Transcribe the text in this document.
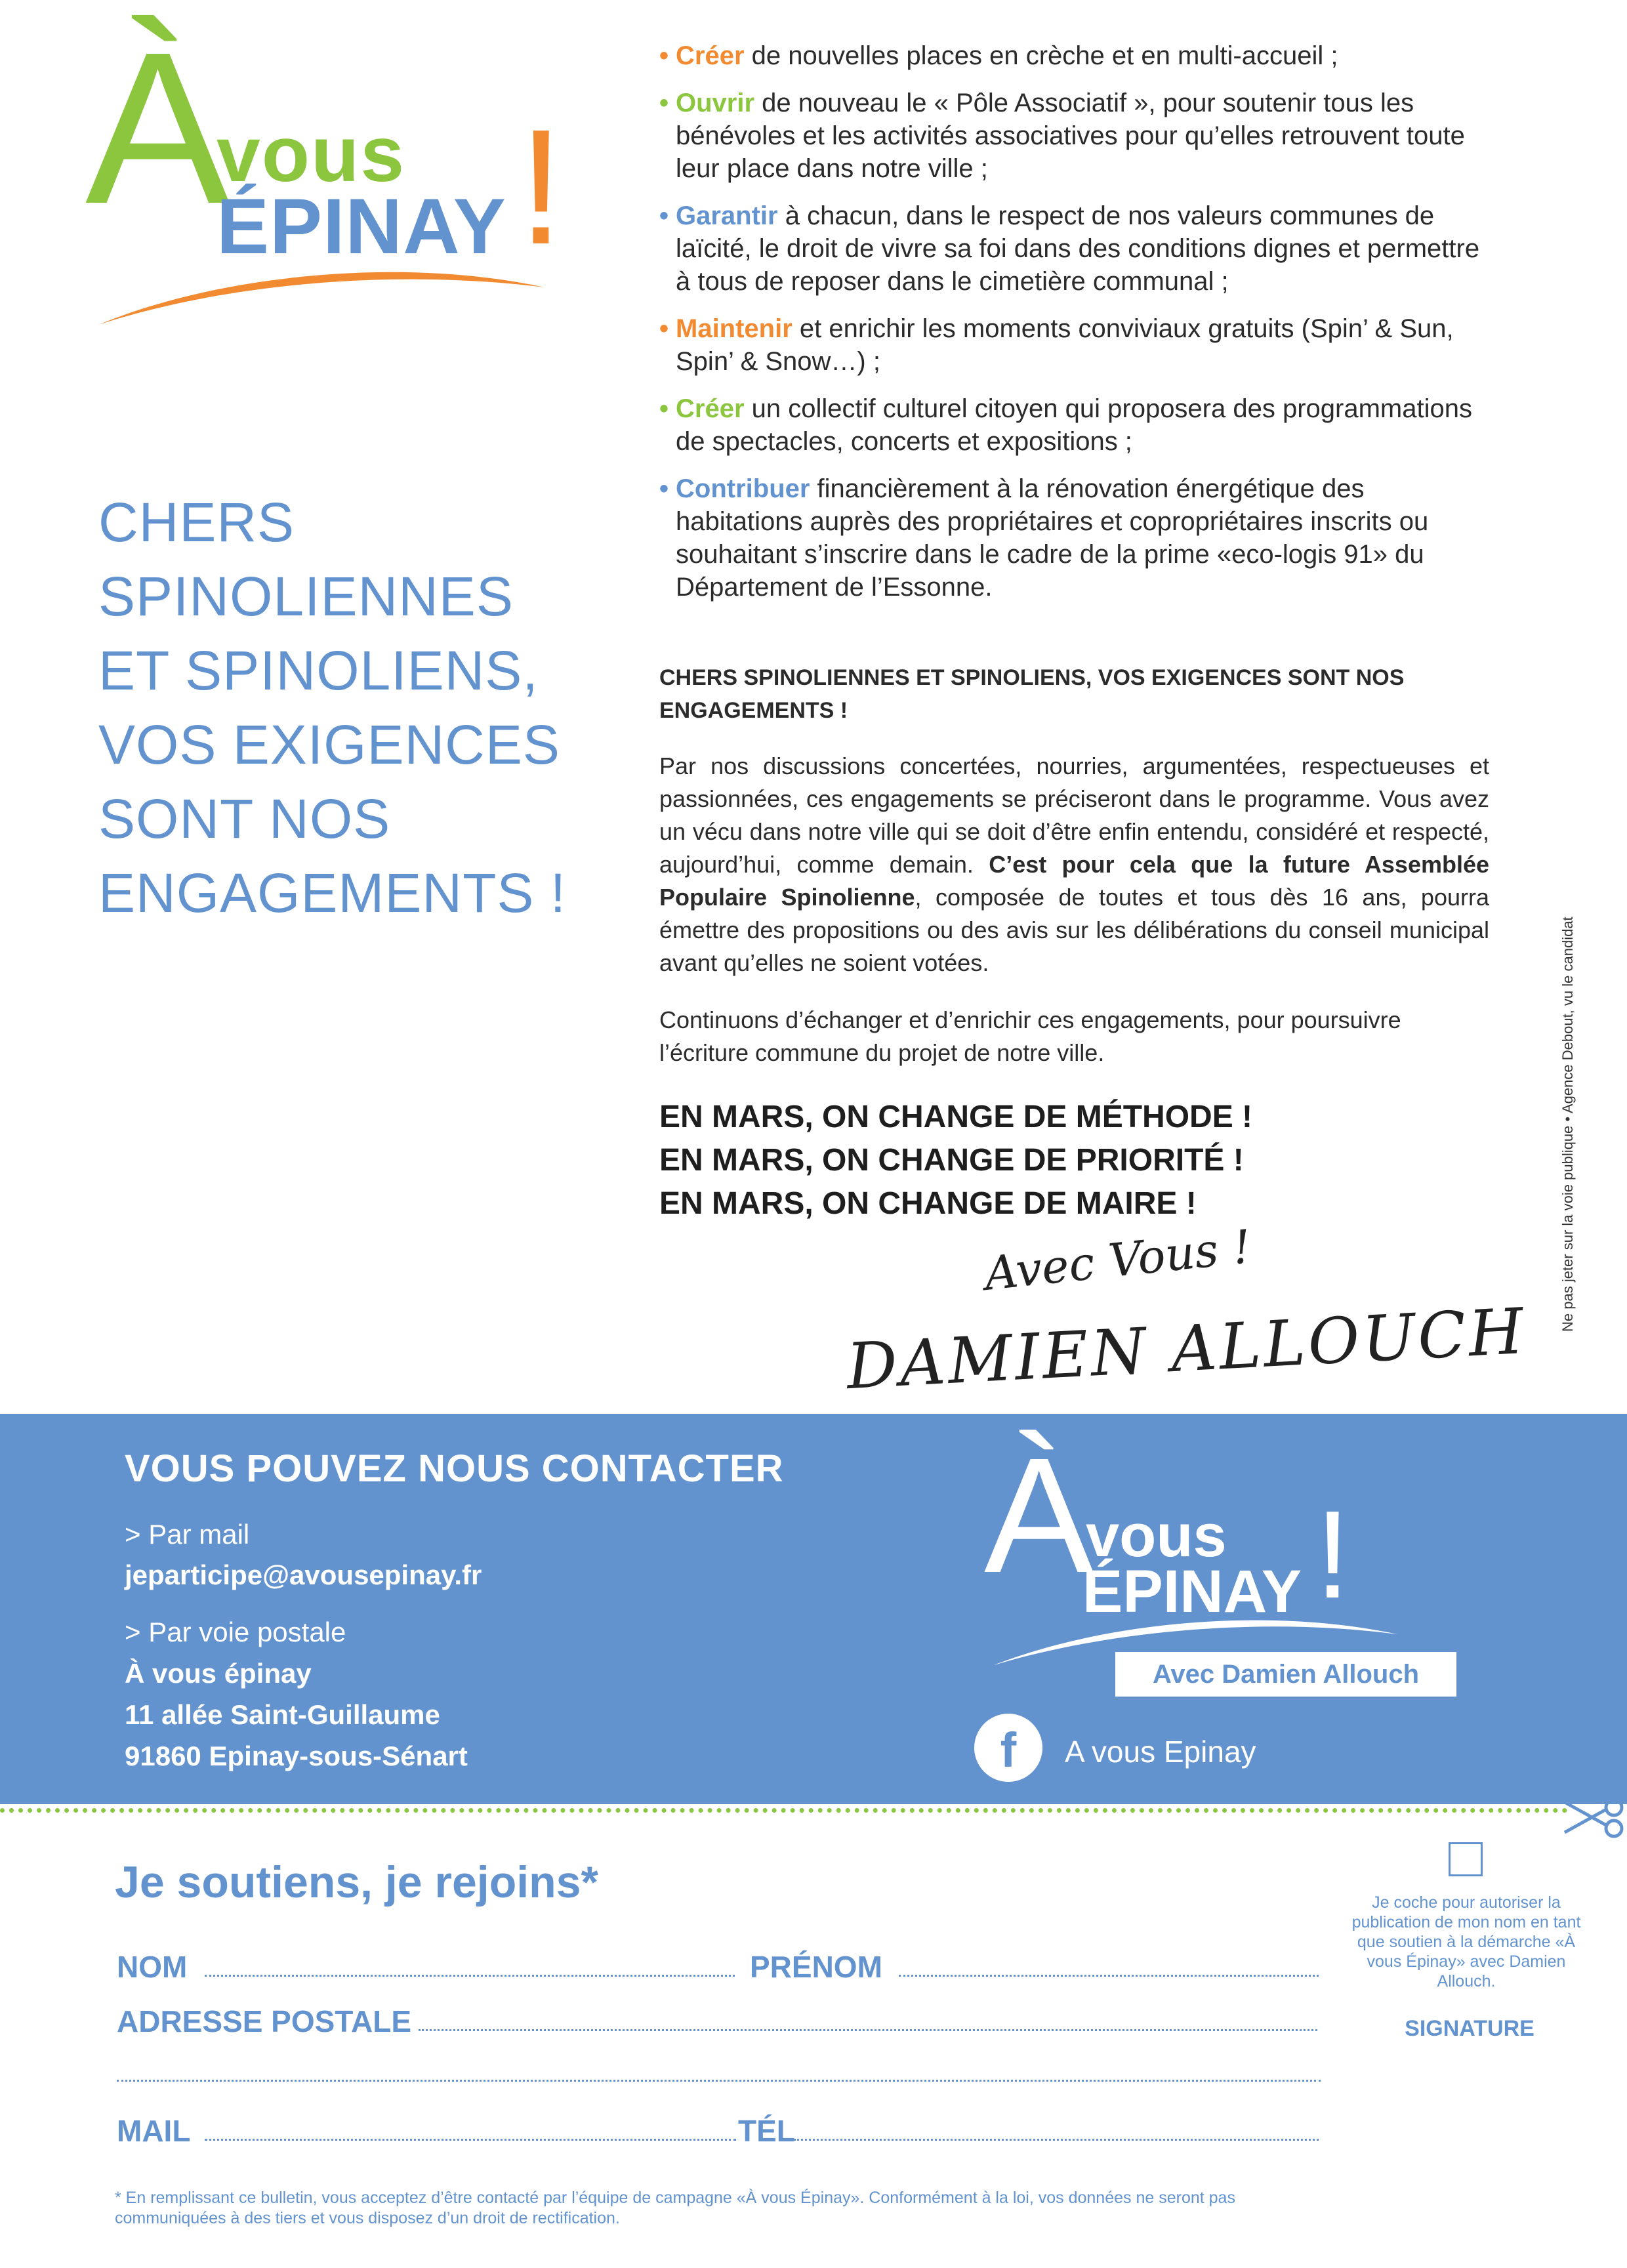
À
vous
ÉPINAY !
CHERS
SPINOLIENNES
ET SPINOLIENS,
VOS EXIGENCES
SONT NOS
ENGAGEMENTS !
• Créer de nouvelles places en crèche et en multi-accueil ;
• Ouvrir de nouveau le « Pôle Associatif », pour soutenir tous les bénévoles et les activités associatives pour qu’elles retrouvent toute leur place dans notre ville ;
• Garantir à chacun, dans le respect de nos valeurs communes de laïcité, le droit de vivre sa foi dans des conditions dignes et permettre à tous de reposer dans le cimetière communal ;
• Maintenir et enrichir les moments conviviaux gratuits (Spin’ & Sun, Spin’ & Snow…) ;
• Créer un collectif culturel citoyen qui proposera des programmations de spectacles, concerts et expositions ;
• Contribuer financièrement à la rénovation énergétique des habitations auprès des propriétaires et copropriétaires inscrits ou souhaitant s’inscrire dans le cadre de la prime «eco-logis 91» du Département de l’Essonne.
CHERS SPINOLIENNES ET SPINOLIENS, VOS EXIGENCES SONT NOS ENGAGEMENTS !
Par nos discussions concertées, nourries, argumentées, respectueuses et passionnées, ces engagements se préciseront dans le programme. Vous avez un vécu dans notre ville qui se doit d’être enfin entendu, considéré et respecté, aujourd’hui, comme demain. C’est pour cela que la future Assemblée Populaire Spinolienne, composée de toutes et tous dès 16 ans, pourra émettre des propositions ou des avis sur les délibérations du conseil municipal avant qu’elles ne soient votées.
Continuons d’échanger et d’enrichir ces engagements, pour poursuivre l’écriture commune du projet de notre ville.
EN MARS, ON CHANGE DE MÉTHODE !
EN MARS, ON CHANGE DE PRIORITÉ !
EN MARS, ON CHANGE DE MAIRE !
Avec Vous !
DAMIEN ALLOUCH
Ne pas jeter sur la voie publique • Agence Debout, vu le candidat
VOUS POUVEZ NOUS CONTACTER
> Par mail
jeparticipe@avousepinay.fr
> Par voie postale
À vous épinay
11 allée Saint-Guillaume
91860 Epinay-sous-Sénart
À
vous
ÉPINAY !
Avec Damien Allouch
f	A vous Epinay
Je soutiens, je rejoins*
NOM	PRÉNOM
ADRESSE POSTALE
MAIL	TÉL
Je coche pour autoriser la publication de mon nom en tant que soutien à la démarche «À vous Épinay» avec Damien Allouch.
SIGNATURE
* En remplissant ce bulletin, vous acceptez d’être contacté par l’équipe de campagne «À vous Épinay». Conformément à la loi, vos données ne seront pas communiquées à des tiers et vous disposez d’un droit de rectification.
